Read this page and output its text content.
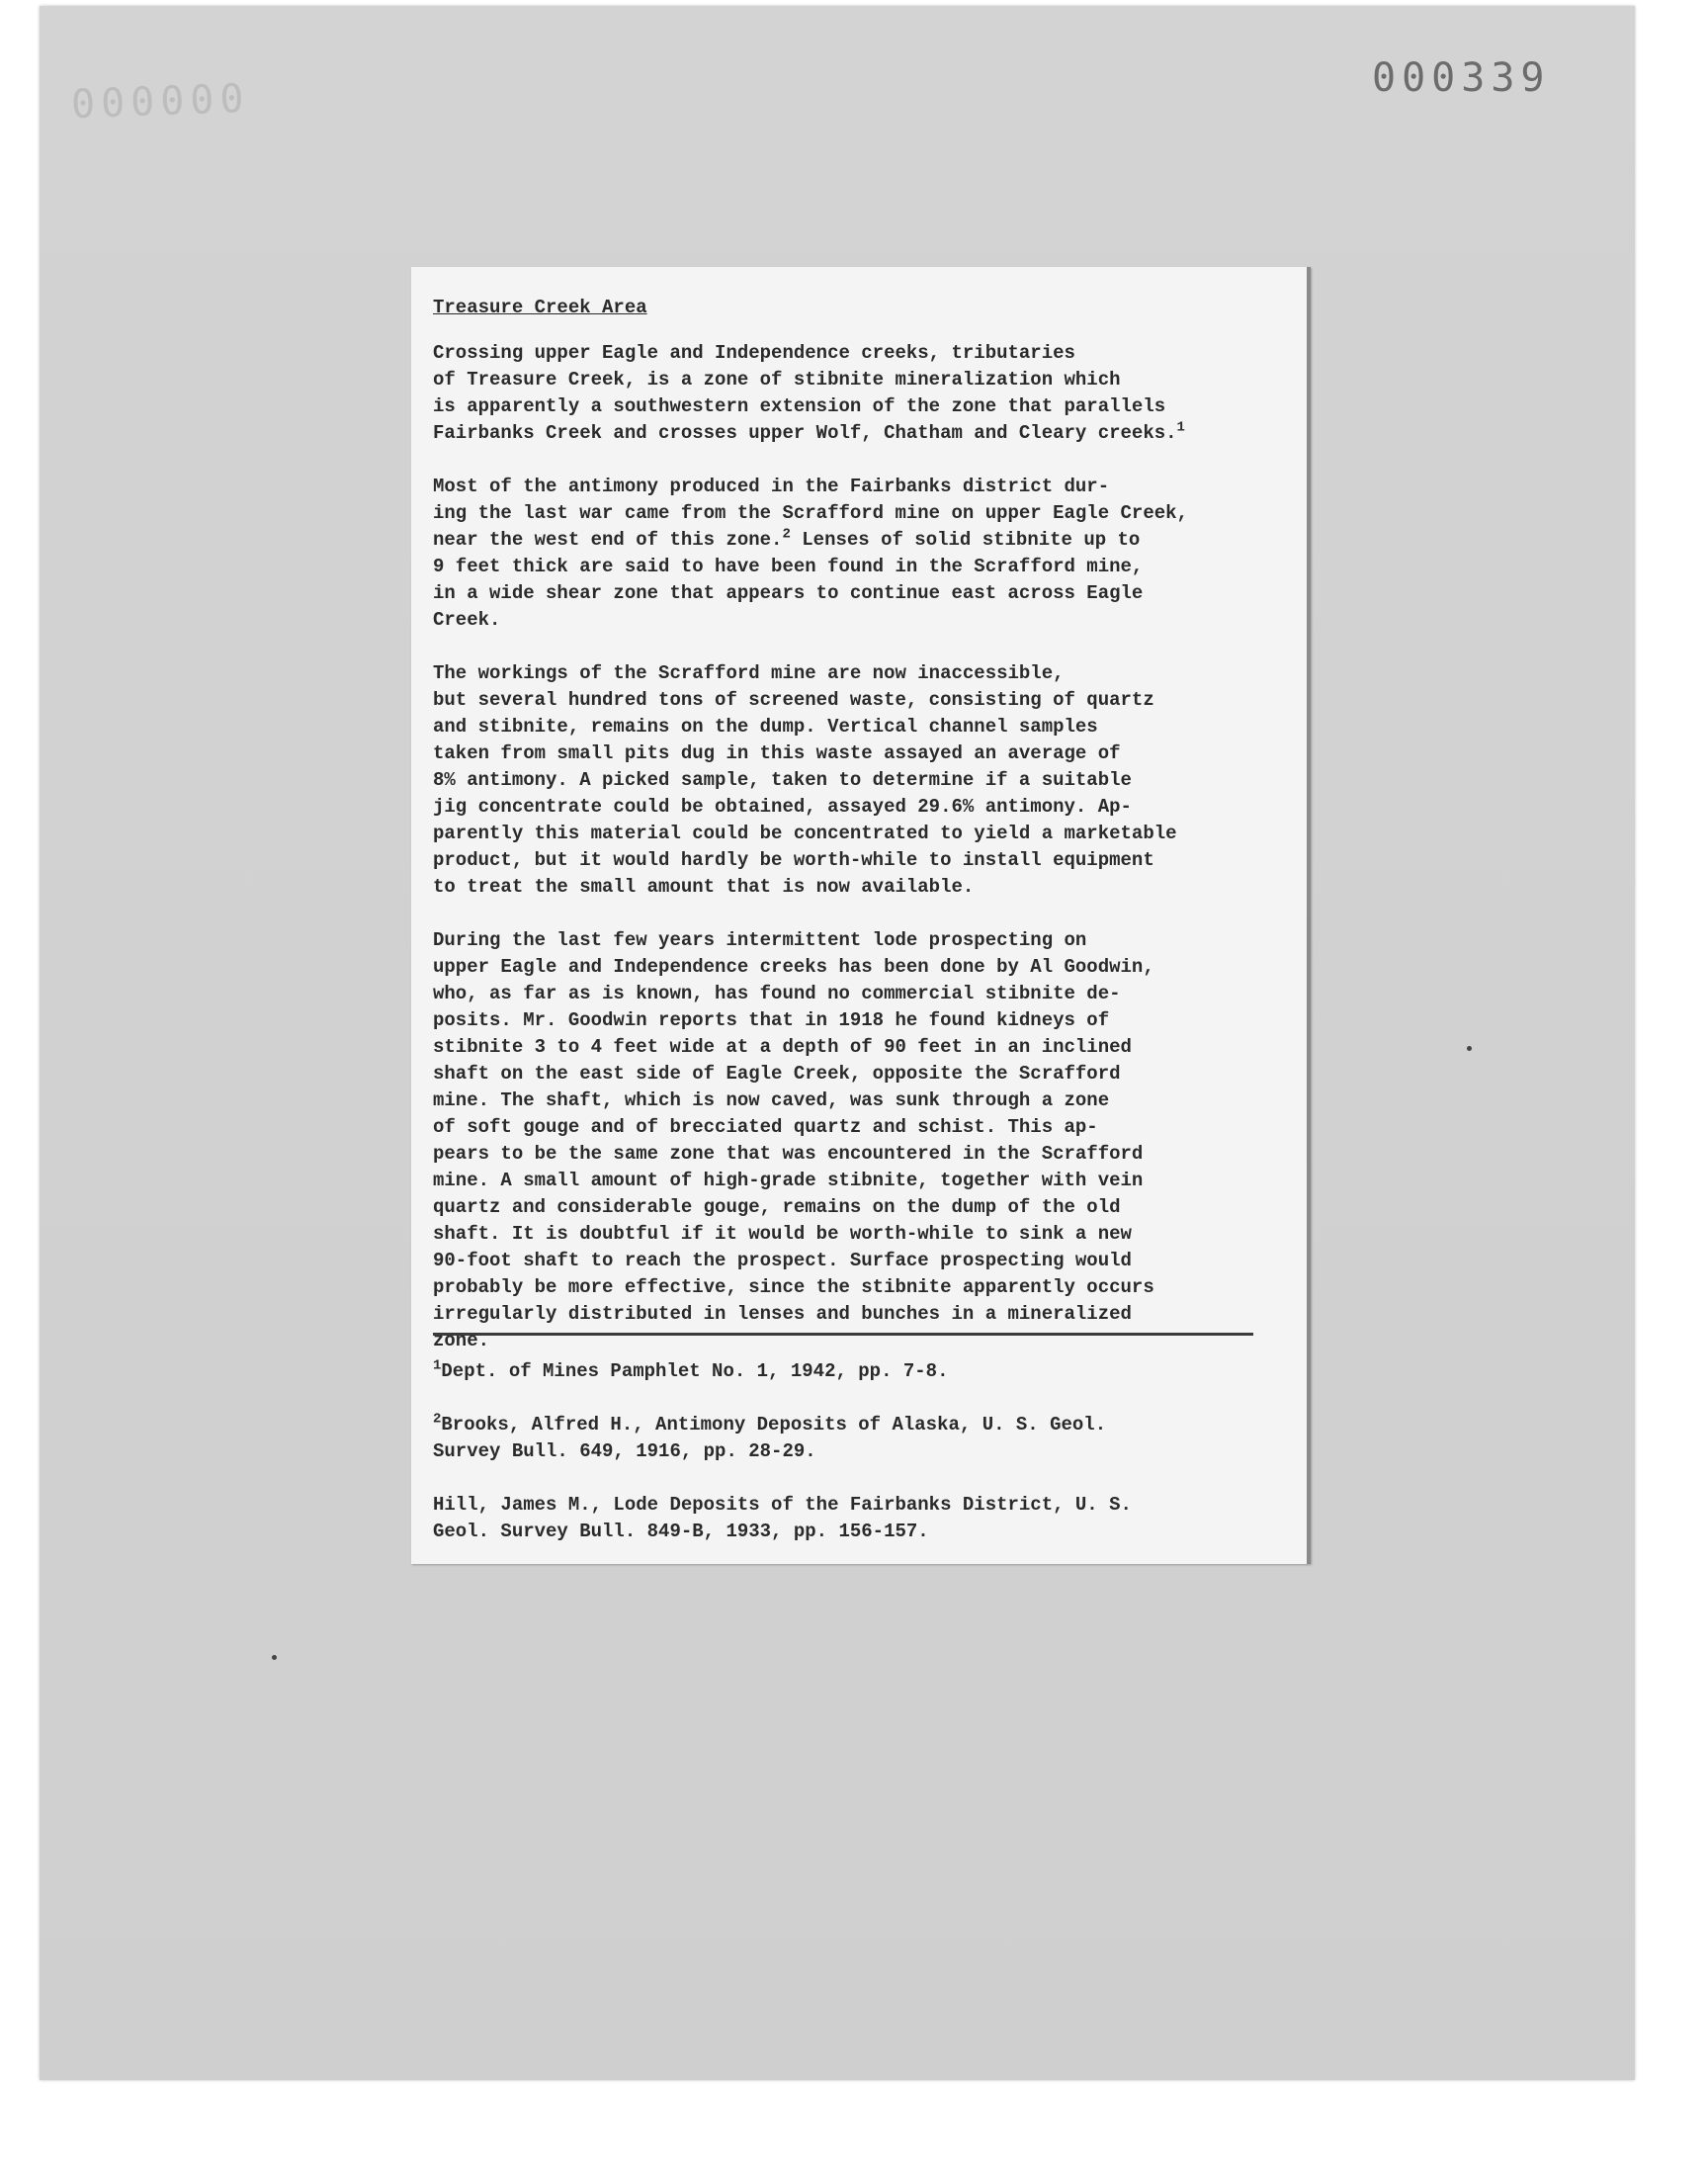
000339
000000
Treasure Creek Area

Crossing upper Eagle and Independence creeks, tributaries
of Treasure Creek, is a zone of stibnite mineralization which
is apparently a southwestern extension of the zone that parallels
Fairbanks Creek and crosses upper Wolf, Chatham and Cleary creeks.$^1$

Most of the antimony produced in the Fairbanks district dur-
ing the last war came from the Scrafford mine on upper Eagle Creek,
near the west end of this zone.$^2$ Lenses of solid stibnite up to
9 feet thick are said to have been found in the Scrafford mine,
in a wide shear zone that appears to continue east across Eagle
Creek.

The workings of the Scrafford mine are now inaccessible,
but several hundred tons of screened waste, consisting of quartz
and stibnite, remains on the dump. Vertical channel samples
taken from small pits dug in this waste assayed an average of
8% antimony. A picked sample, taken to determine if a suitable
jig concentrate could be obtained, assayed 29.6% antimony. Ap-
parently this material could be concentrated to yield a marketable
product, but it would hardly be worth-while to install equipment
to treat the small amount that is now available.

During the last few years intermittent lode prospecting on
upper Eagle and Independence creeks has been done by Al Goodwin,
who, as far as is known, has found no commercial stibnite de-
posits. Mr. Goodwin reports that in 1918 he found kidneys of
stibnite 3 to 4 feet wide at a depth of 90 feet in an inclined
shaft on the east side of Eagle Creek, opposite the Scrafford
mine. The shaft, which is now caved, was sunk through a zone
of soft gouge and of brecciated quartz and schist. This ap-
pears to be the same zone that was encountered in the Scrafford
mine. A small amount of high-grade stibnite, together with vein
quartz and considerable gouge, remains on the dump of the old
shaft. It is doubtful if it would be worth-while to sink a new
90-foot shaft to reach the prospect. Surface prospecting would
probably be more effective, since the stibnite apparently occurs
irregularly distributed in lenses and bunches in a mineralized
zone.

$^1$Dept. of Mines Pamphlet No. 1, 1942, pp. 7-8.

$^2$Brooks, Alfred H., Antimony Deposits of Alaska, U. S. Geol.
Survey Bull. 649, 1916, pp. 28-29.

Hill, James M., Lode Deposits of the Fairbanks District, U. S.
Geol. Survey Bull. 849-B, 1933, pp. 156-157.
